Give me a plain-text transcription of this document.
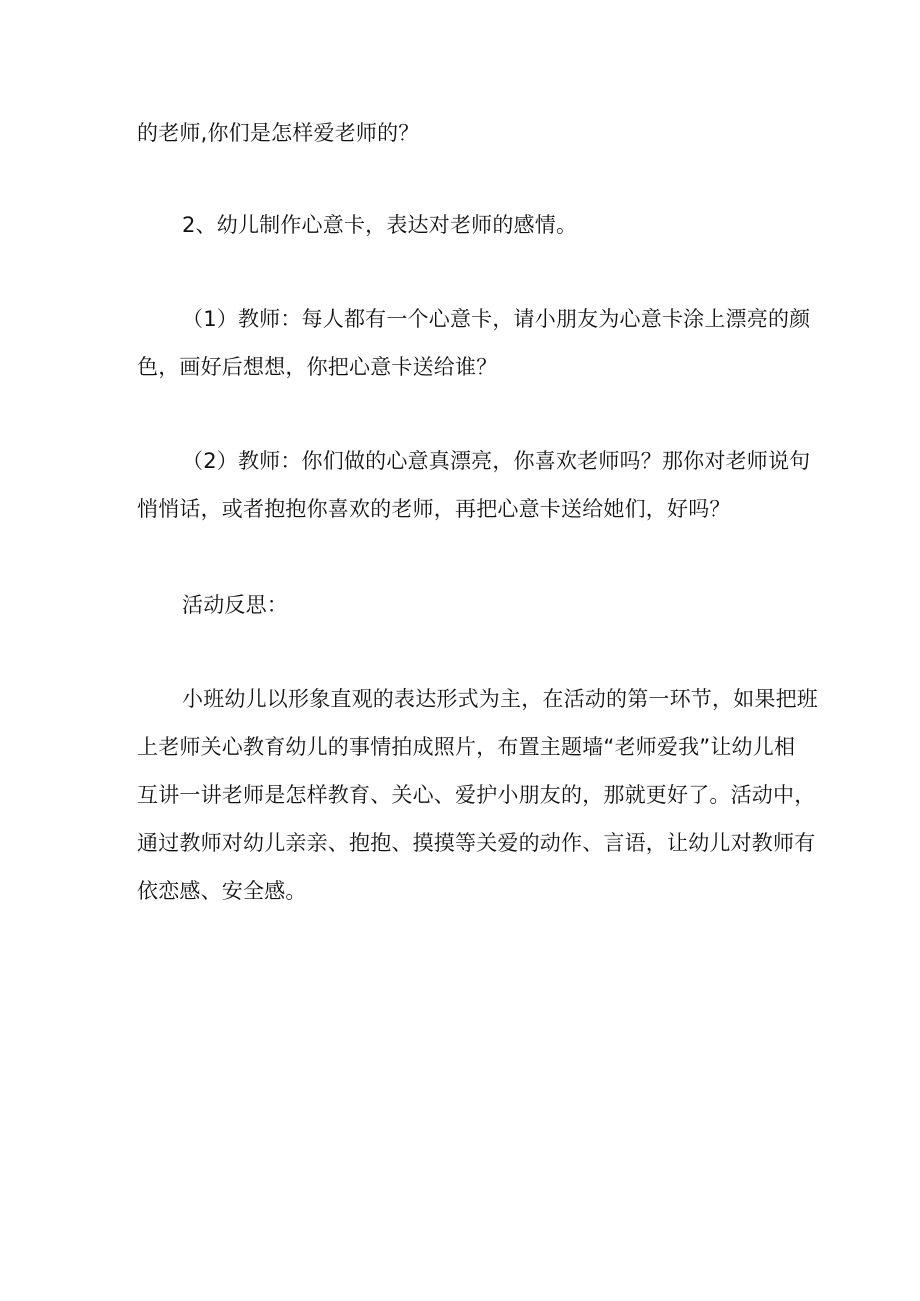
的老师,你们是怎样爱老师的？
2、幼儿制作心意卡，表达对老师的感情。
（1）教师：每人都有一个心意卡，请小朋友为心意卡涂上漂亮的颜
色，画好后想想，你把心意卡送给谁？
（2）教师：你们做的心意真漂亮，你喜欢老师吗？那你对老师说句
悄悄话，或者抱抱你喜欢的老师，再把心意卡送给她们，好吗？
活动反思：
小班幼儿以形象直观的表达形式为主，在活动的第一环节，如果把班
上老师关心教育幼儿的事情拍成照片，布置主题墙“老师爱我”让幼儿相
互讲一讲老师是怎样教育、关心、爱护小朋友的，那就更好了。活动中，
通过教师对幼儿亲亲、抱抱、摸摸等关爱的动作、言语，让幼儿对教师有
依恋感、安全感。
